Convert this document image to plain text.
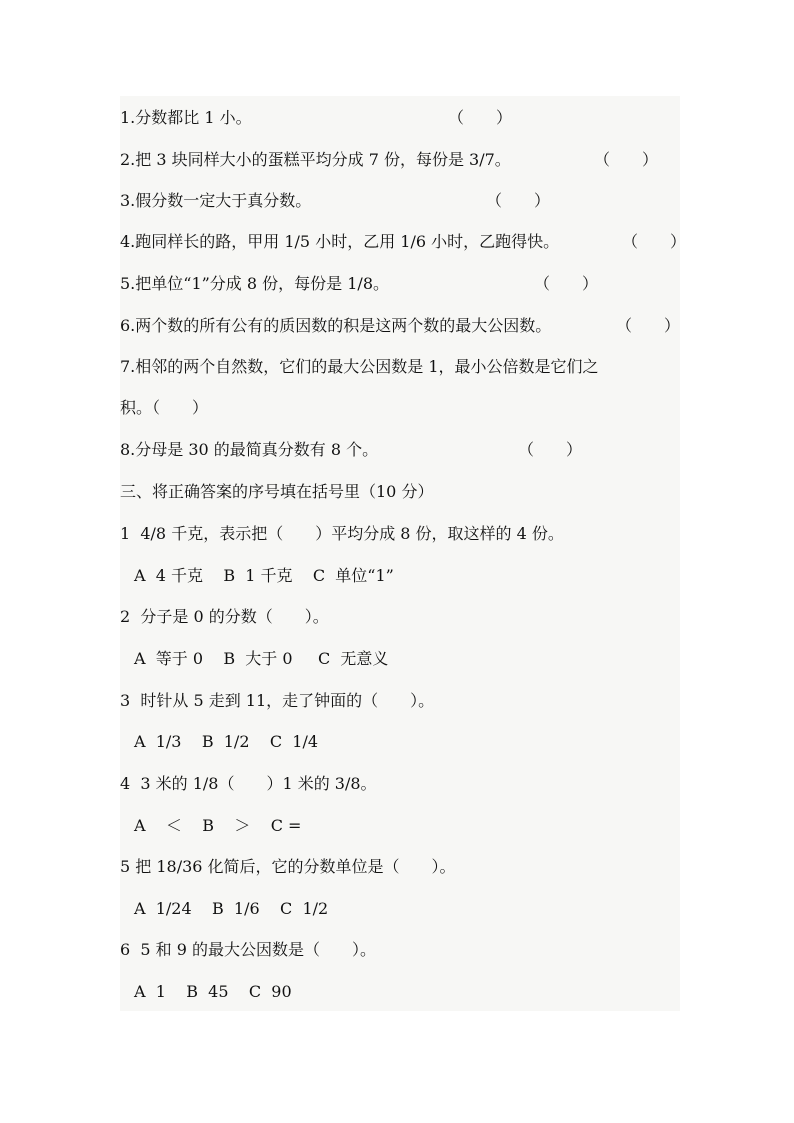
1.分数都比 1 小。	（　　）
2.把 3 块同样大小的蛋糕平均分成 7 份，每份是 3/7。	（　　）
3.假分数一定大于真分数。	（　　）
4.跑同样长的路，甲用 1/5 小时，乙用 1/6 小时，乙跑得快。	（　　）
5.把单位“1”分成 8 份，每份是 1/8。	（　　）
6.两个数的所有公有的质因数的积是这两个数的最大公因数。	（　　）
7.相邻的两个自然数，它们的最大公因数是 1，最小公倍数是它们之
积。（　　）
8.分母是 30 的最简真分数有 8 个。	（　　）
三、将正确答案的序号填在括号里（10 分）
1  4/8 千克，表示把（　　）平均分成 8 份，取这样的 4 份。
A  4 千克    B  1 千克    C  单位“1”
2  分子是 0 的分数（　　）。
A  等于 0    B  大于 0     C  无意义
3  时针从 5 走到 11，走了钟面的（　　）。
A  1/3    B  1/2    C  1/4
4  3 米的 1/8（　　）1 米的 3/8。
A    ＜    B    ＞    C =
5 把 18/36 化简后，它的分数单位是（　　）。
A  1/24    B  1/6    C  1/2
6  5 和 9 的最大公因数是（　　）。
A  1    B  45    C  90
